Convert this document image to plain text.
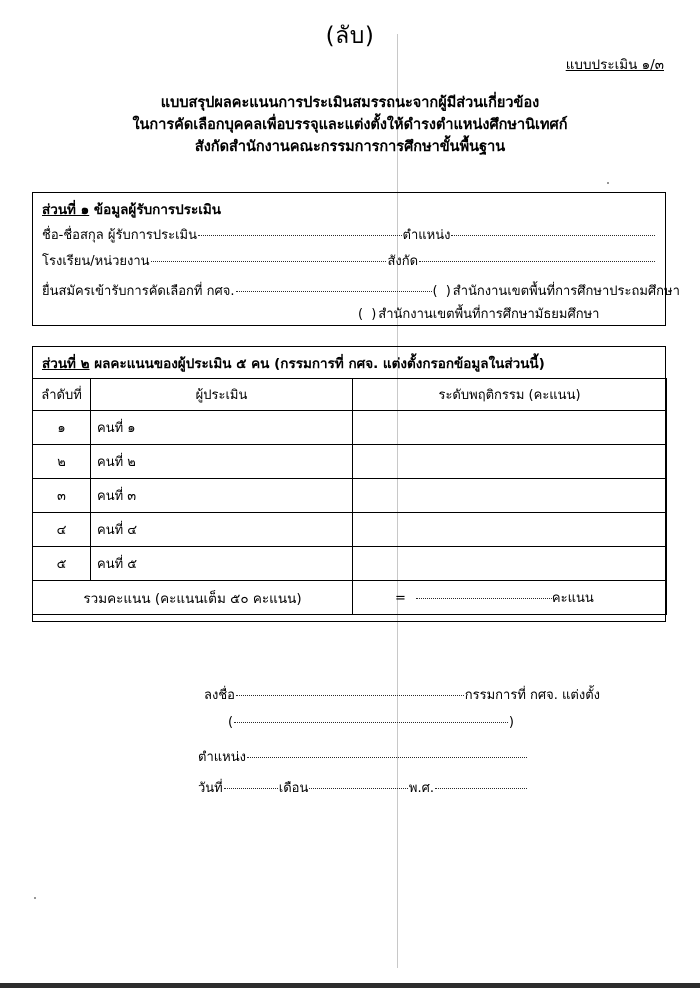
(ลับ)
แบบประเมิน ๑/๓
แบบสรุปผลคะแนนการประเมินสมรรถนะจากผู้มีส่วนเกี่ยวข้อง
ในการคัดเลือกบุคคลเพื่อบรรจุและแต่งตั้งให้ดำรงตำแหน่งศึกษานิเทศก์
สังกัดสำนักงานคณะกรรมการการศึกษาขั้นพื้นฐาน
ส่วนที่ ๑ ข้อมูลผู้รับการประเมิน
ชื่อ-ชื่อสกุล ผู้รับการประเมิน	ตำแหน่ง
โรงเรียน/หน่วยงาน	สังกัด
ยื่นสมัครเข้ารับการคัดเลือกที่ กศจ.	( ) สำนักงานเขตพื้นที่การศึกษาประถมศึกษา
( ) สำนักงานเขตพื้นที่การศึกษามัธยมศึกษา
ส่วนที่ ๒ ผลคะแนนของผู้ประเมิน ๕ คน (กรรมการที่ กศจ. แต่งตั้งกรอกข้อมูลในส่วนนี้)
ลำดับที่	ผู้ประเมิน	ระดับพฤติกรรม (คะแนน)
๑	คนที่ ๑	
๒	คนที่ ๒	
๓	คนที่ ๓	
๔	คนที่ ๔	
๕	คนที่ ๕	
รวมคะแนน (คะแนนเต็ม ๕๐ คะแนน)		= คะแนน
ลงชื่อ	กรรมการที่ กศจ. แต่งตั้ง
(	)
ตำแหน่ง
วันที่	เดือน	พ.ศ.
